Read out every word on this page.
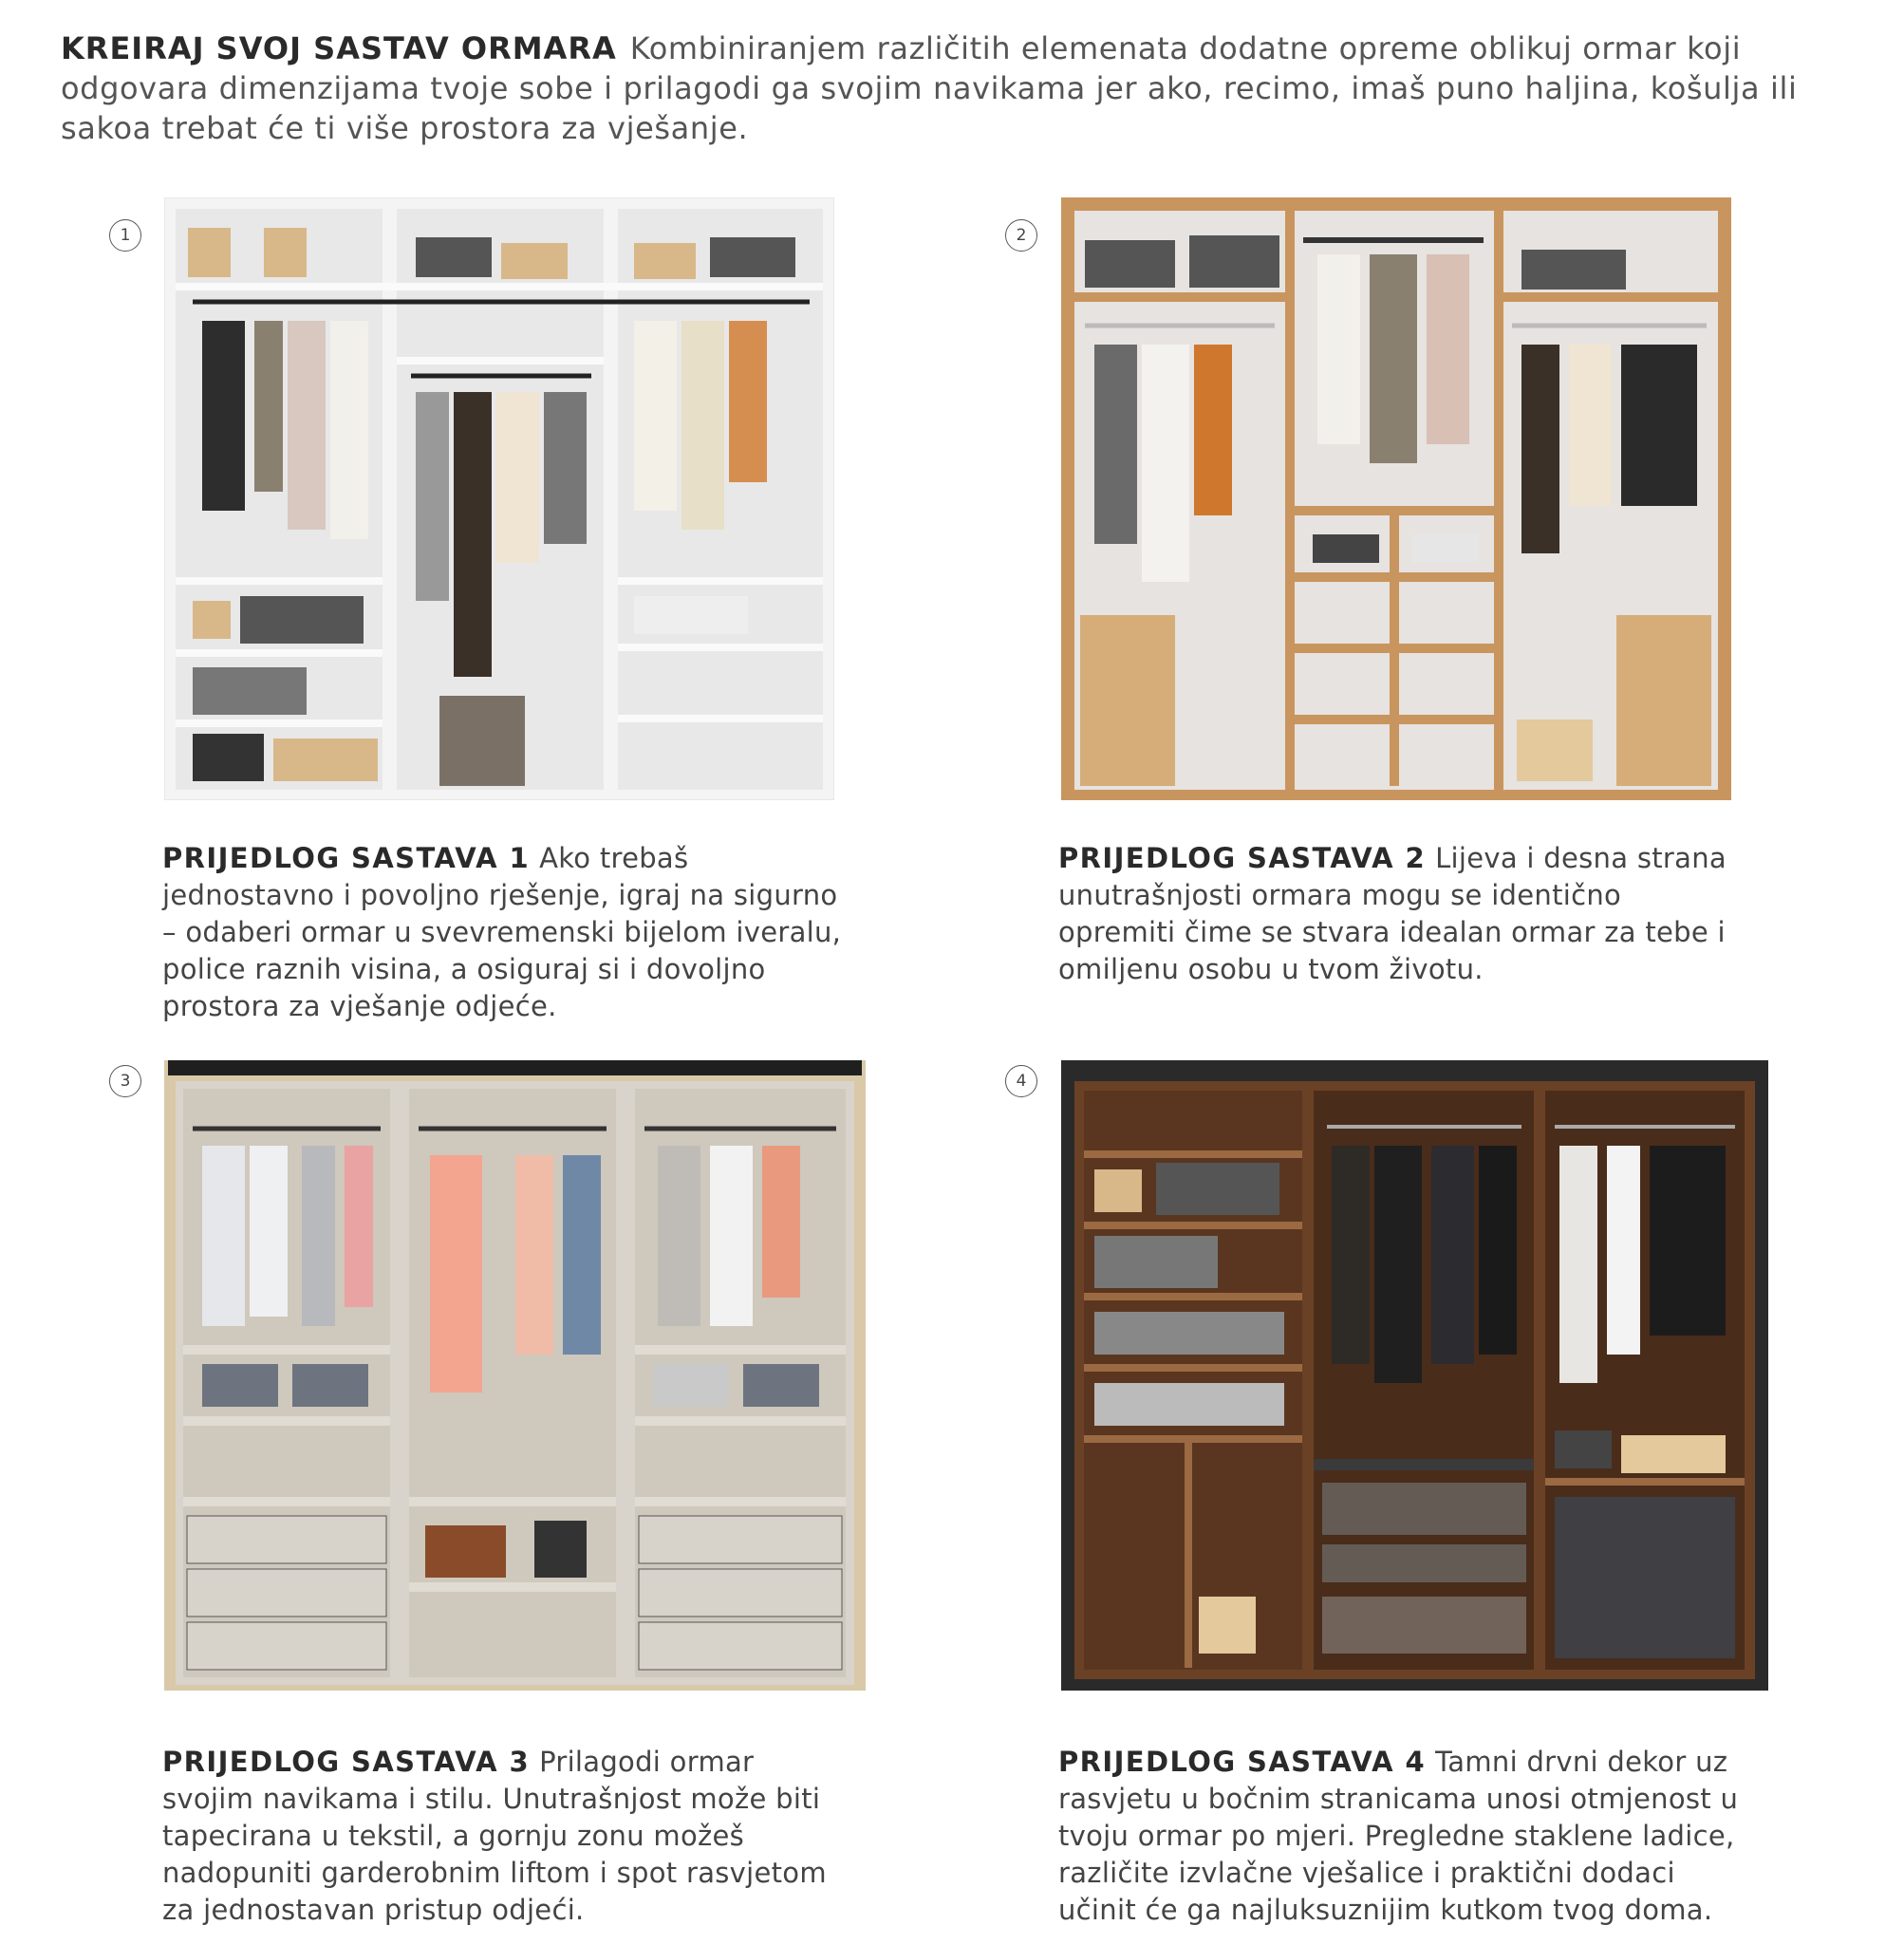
KREIRAJ SVOJ SASTAV ORMARA Kombiniranjem različitih elemenata dodatne opreme oblikuj ormar koji odgovara dimenzijama tvoje sobe i prilagodi ga svojim navikama jer ako, recimo, imaš puno haljina, košulja ili sakoa trebat će ti više prostora za vješanje.
1
PRIJEDLOG SASTAVA 1 Ako trebaš jednostavno i povoljno rješenje, igraj na sigurno – odaberi ormar u svevremenski bijelom iveralu, police raznih visina, a osiguraj si i dovoljno prostora za vješanje odjeće.
2
PRIJEDLOG SASTAVA 2 Lijeva i desna strana unutrašnjosti ormara mogu se identično opremiti čime se stvara idealan ormar za tebe i omiljenu osobu u tvom životu.
3
PRIJEDLOG SASTAVA 3 Prilagodi ormar svojim navikama i stilu. Unutrašnjost može biti tapecirana u tekstil, a gornju zonu možeš nadopuniti garderobnim liftom i spot rasvjetom za jednostavan pristup odjeći.
4
PRIJEDLOG SASTAVA 4 Tamni drvni dekor uz rasvjetu u bočnim stranicama unosi otmjenost u tvoju ormar po mjeri. Pregledne staklene ladice, različite izvlačne vješalice i praktični dodaci učinit će ga najluksuznijim kutkom tvog doma.
